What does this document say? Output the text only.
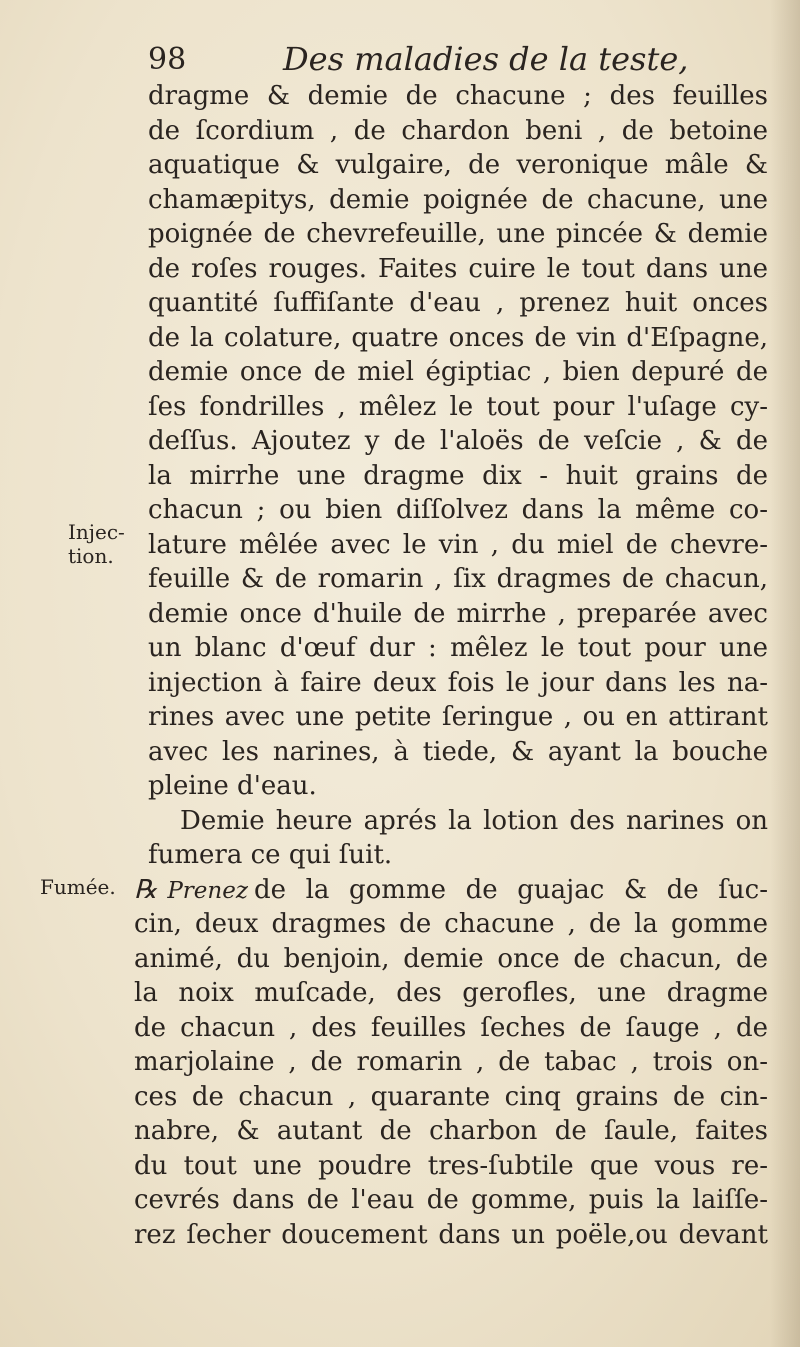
98	Des maladies de la teste,
Injec-
tion.
Fumée.
dragme & demie de chacune ; des feuilles
de ſcordium , de chardon beni , de betoine
aquatique & vulgaire, de veronique mâle &
chamæpitys, demie poignée de chacune, une
poignée de chevrefeuille, une pincée & demie
de roſes rouges. Faites cuire le tout dans une
quantité ſuffiſante d'eau , prenez huit onces
de la colature, quatre onces de vin d'Eſpagne,
demie once de miel égiptiac , bien depuré de
ſes fondrilles , mêlez le tout pour l'uſage cy-
deſſus. Ajoutez y de l'aloës de veſcie , & de
la mirrhe une dragme dix - huit grains de
chacun ; ou bien diſſolvez dans la même co-
lature mêlée avec le vin , du miel de chevre-
feuille & de romarin , ſix dragmes de chacun,
demie once d'huile de mirrhe , preparée avec
un blanc d'œuf dur : mêlez le tout pour une
injection à faire deux fois le jour dans les na-
rines avec une petite ſeringue , ou en attirant
avec les narines, à tiede, & ayant la bouche
pleine d'eau.
Demie heure aprés la lotion des narines on
fumera ce qui ſuit.
℞ Prenez de la gomme de guajac & de ſuc-
cin, deux dragmes de chacune , de la gomme
animé, du benjoin, demie once de chacun, de
la noix muſcade, des gerofles, une dragme
de chacun , des feuilles ſeches de ſauge , de
marjolaine , de romarin , de tabac , trois on-
ces de chacun , quarante cinq grains de cin-
nabre, & autant de charbon de ſaule, faites
du tout une poudre tres-ſubtile que vous re-
cevrés dans de l'eau de gomme, puis la laiſſe-
rez ſecher doucement dans un poële,ou devant
